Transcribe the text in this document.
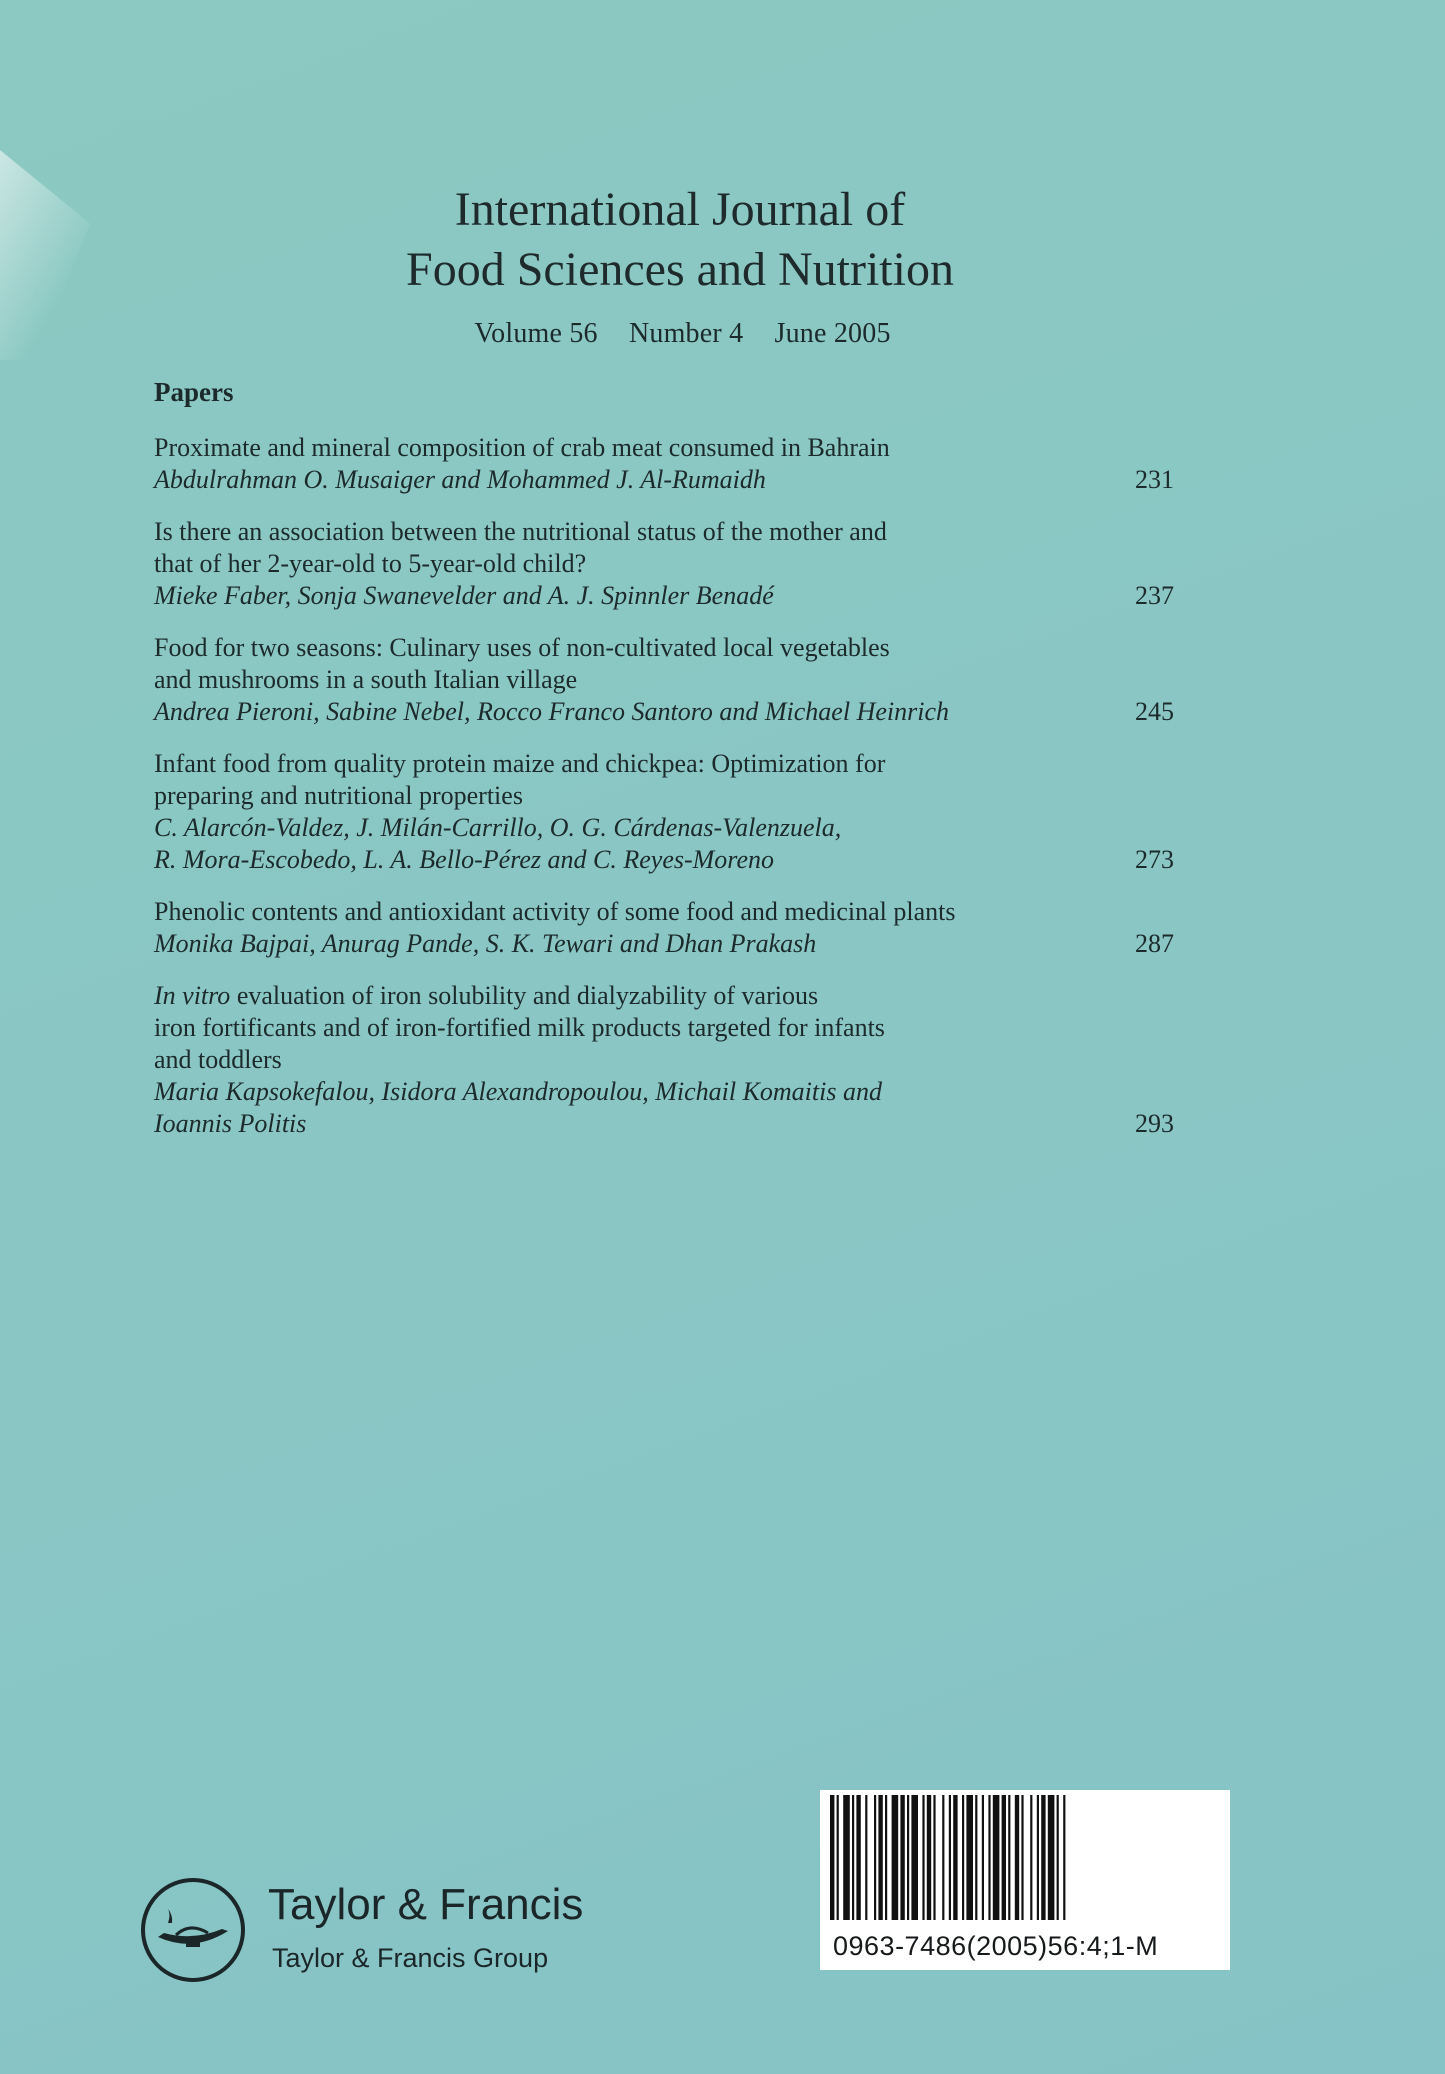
International Journal of
Food Sciences and Nutrition
Volume 56 Number 4 June 2005
Papers
Proximate and mineral composition of crab meat consumed in Bahrain
Abdulrahman O. Musaiger and Mohammed J. Al-Rumaidh	231
Is there an association between the nutritional status of the mother and
that of her 2-year-old to 5-year-old child?
Mieke Faber, Sonja Swanevelder and A. J. Spinnler Benadé	237
Food for two seasons: Culinary uses of non-cultivated local vegetables
and mushrooms in a south Italian village
Andrea Pieroni, Sabine Nebel, Rocco Franco Santoro and Michael Heinrich	245
Infant food from quality protein maize and chickpea: Optimization for
preparing and nutritional properties
C. Alarcón-Valdez, J. Milán-Carrillo, O. G. Cárdenas-Valenzuela,
R. Mora-Escobedo, L. A. Bello-Pérez and C. Reyes-Moreno	273
Phenolic contents and antioxidant activity of some food and medicinal plants
Monika Bajpai, Anurag Pande, S. K. Tewari and Dhan Prakash	287
In vitro evaluation of iron solubility and dialyzability of various
iron fortificants and of iron-fortified milk products targeted for infants
and toddlers
Maria Kapsokefalou, Isidora Alexandropoulou, Michail Komaitis and
Ioannis Politis	293
Taylor & Francis
Taylor & Francis Group	0963-7486(2005)56:4;1-M
